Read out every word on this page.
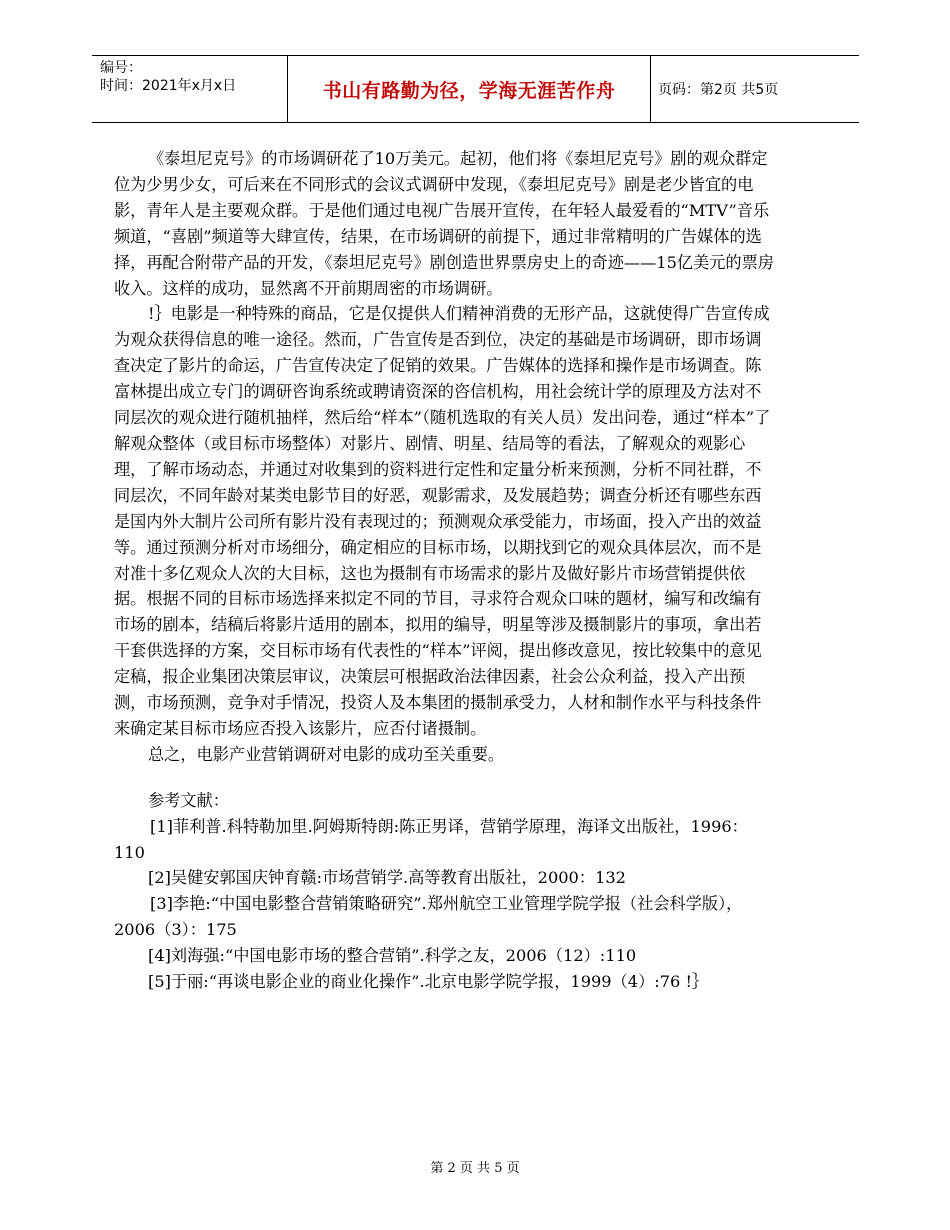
编号：
时间：2021年x月x日	书山有路勤为径，学海无涯苦作舟	页码：第2页 共5页

《泰坦尼克号》的市场调研花了10万美元。起初，他们将《泰坦尼克号》剧的观众群定位为少男少女，可后来在不同形式的会议式调研中发现，《泰坦尼克号》剧是老少皆宜的电影，青年人是主要观众群。于是他们通过电视广告展开宣传，在年轻人最爱看的“MTV”音乐频道，“喜剧”频道等大肆宣传，结果，在市场调研的前提下，通过非常精明的广告媒体的选择，再配合附带产品的开发，《泰坦尼克号》剧创造世界票房史上的奇迹——15亿美元的票房收入。这样的成功，显然离不开前期周密的市场调研。

!｝电影是一种特殊的商品，它是仅提供人们精神消费的无形产品，这就使得广告宣传成为观众获得信息的唯一途径。然而，广告宣传是否到位，决定的基础是市场调研，即市场调查决定了影片的命运，广告宣传决定了促销的效果。广告媒体的选择和操作是市场调查。陈富林提出成立专门的调研咨询系统或聘请资深的咨信机构，用社会统计学的原理及方法对不同层次的观众进行随机抽样，然后给“样本”（随机选取的有关人员）发出问卷，通过“样本”了解观众整体（或目标市场整体）对影片、剧情、明星、结局等的看法，了解观众的观影心理，了解市场动态，并通过对收集到的资料进行定性和定量分析来预测，分析不同社群，不同层次，不同年龄对某类电影节目的好恶，观影需求，及发展趋势；调查分析还有哪些东西是国内外大制片公司所有影片没有表现过的；预测观众承受能力，市场面，投入产出的效益等。通过预测分析对市场细分，确定相应的目标市场，以期找到它的观众具体层次，而不是对准十多亿观众人次的大目标，这也为摄制有市场需求的影片及做好影片市场营销提供依据。根据不同的目标市场选择来拟定不同的节目，寻求符合观众口味的题材，编写和改编有市场的剧本，结稿后将影片适用的剧本，拟用的编导，明星等涉及摄制影片的事项，拿出若干套供选择的方案，交目标市场有代表性的“样本”评阅，提出修改意见，按比较集中的意见定稿，报企业集团决策层审议，决策层可根据政治法律因素，社会公众利益，投入产出预测，市场预测，竞争对手情况，投资人及本集团的摄制承受力，人材和制作水平与科技条件来确定某目标市场应否投入该影片，应否付诸摄制。

总之，电影产业营销调研对电影的成功至关重要。

参考文献：

[1]菲利普.科特勒加里.阿姆斯特朗:陈正男译，营销学原理，海译文出版社，1996：110

[2]吴健安郭国庆钟育赣:市场营销学.高等教育出版社，2000：132

[3]李艳:“中国电影整合营销策略研究”.郑州航空工业管理学院学报（社会科学版），2006（3）：175

[4]刘海强:“中国电影市场的整合营销”.科学之友，2006（12）:110

[5]于丽:“再谈电影企业的商业化操作”.北京电影学院学报，1999（4）:76 !｝

第 2 页 共 5 页
